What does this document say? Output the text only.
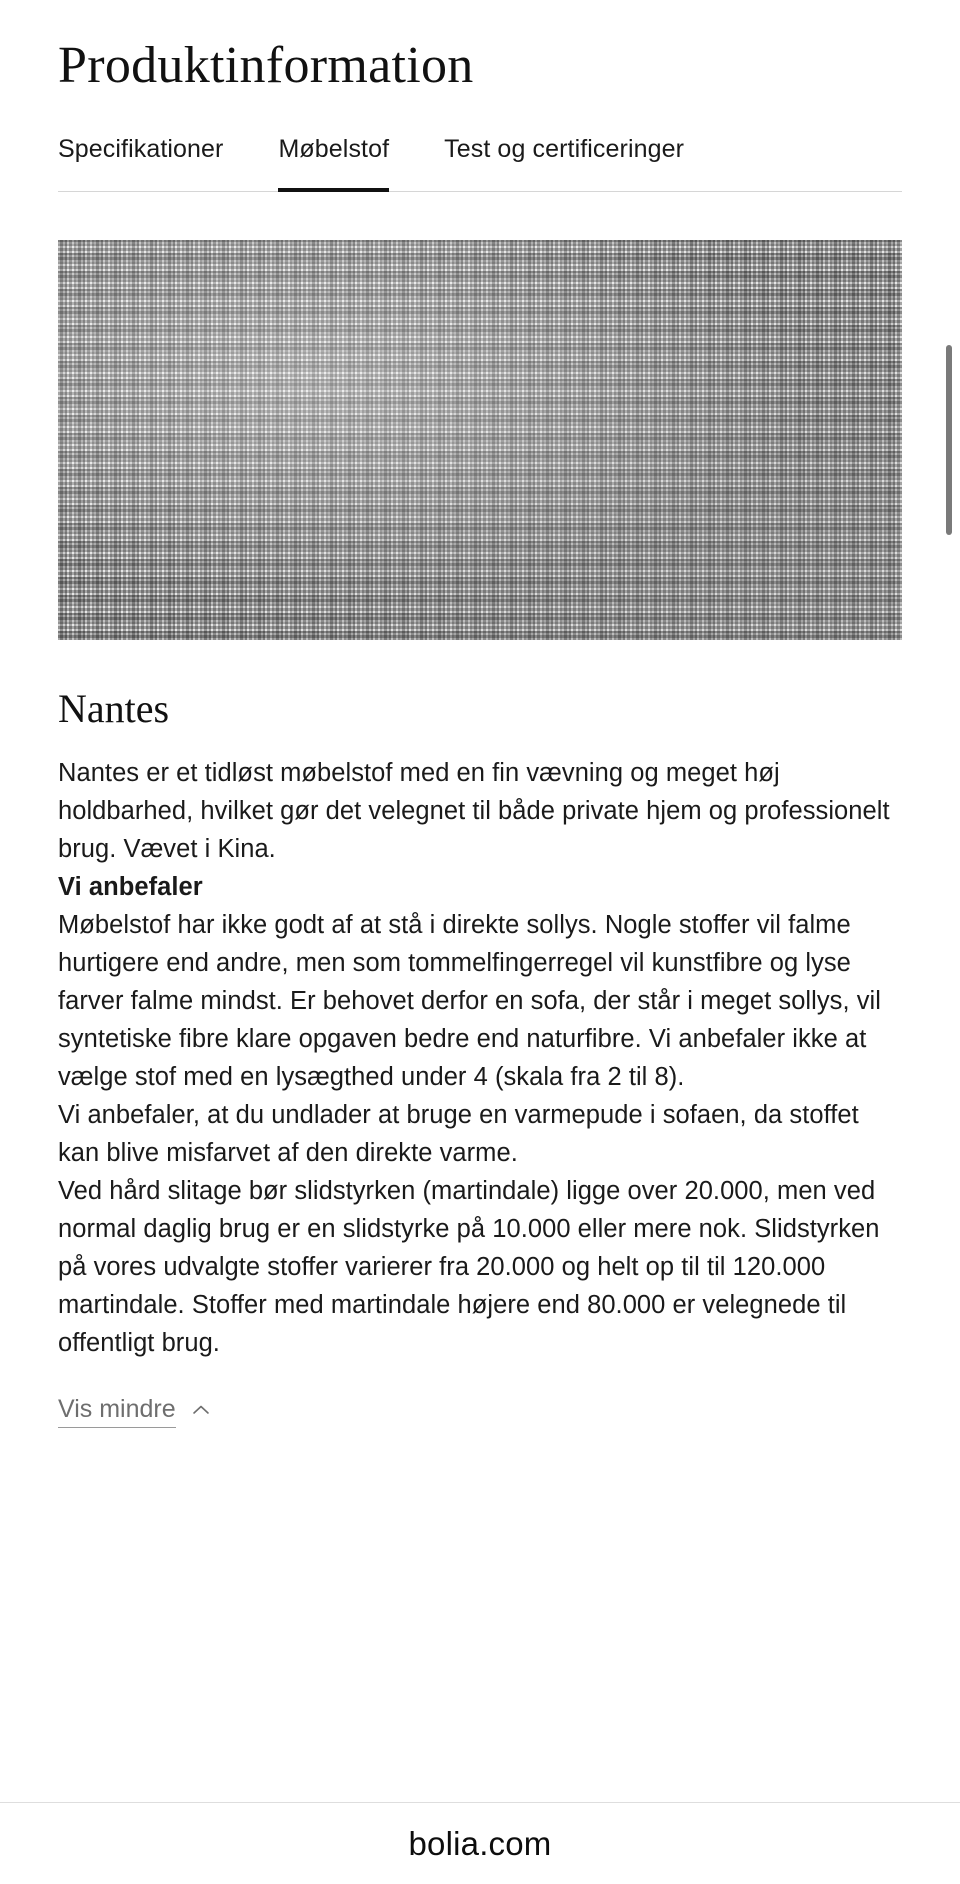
Produktinformation
Specifikationer Møbelstof Test og certificeringer
Nantes

Nantes er et tidløst møbelstof med en fin vævning og meget høj holdbarhed, hvilket gør det velegnet til både private hjem og professionelt brug. Vævet i Kina.

Vi anbefaler

Møbelstof har ikke godt af at stå i direkte sollys. Nogle stoffer vil falme hurtigere end andre, men som tommelfingerregel vil kunstfibre og lyse farver falme mindst. Er behovet derfor en sofa, der står i meget sollys, vil syntetiske fibre klare opgaven bedre end naturfibre. Vi anbefaler ikke at vælge stof med en lysægthed under 4 (skala fra 2 til 8).

Vi anbefaler, at du undlader at bruge en varmepude i sofaen, da stoffet kan blive misfarvet af den direkte varme.

Ved hård slitage bør slidstyrken (martindale) ligge over 20.000, men ved normal daglig brug er en slidstyrke på 10.000 eller mere nok. Slidstyrken på vores udvalgte stoffer varierer fra 20.000 og helt op til til 120.000 martindale. Stoffer med martindale højere end 80.000 er velegnede til offentligt brug.

Vis mindre
bolia.com
